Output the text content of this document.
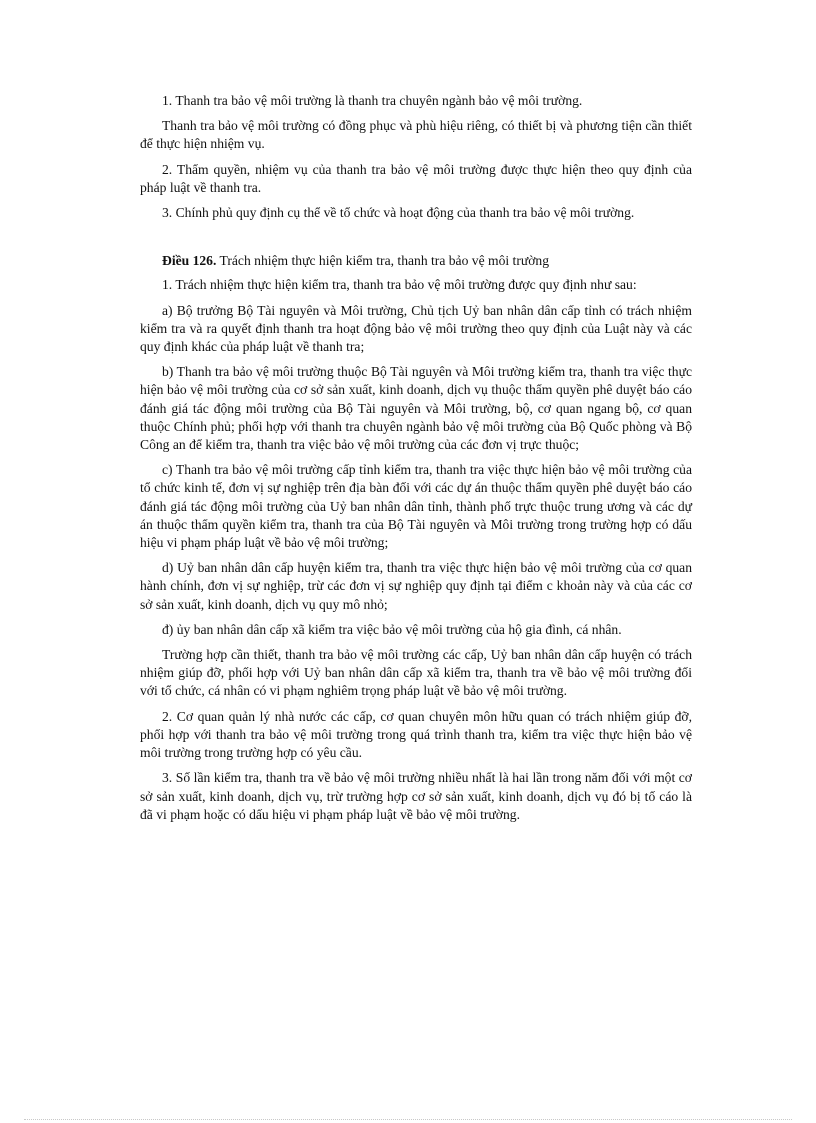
1. Thanh tra bảo vệ môi trường là thanh tra chuyên ngành bảo vệ môi trường.

Thanh tra bảo vệ môi trường có đồng phục và phù hiệu riêng, có thiết bị và phương tiện cần thiết để thực hiện nhiệm vụ.

2. Thẩm quyền, nhiệm vụ của thanh tra bảo vệ môi trường được thực hiện theo quy định của pháp luật về thanh tra.

3. Chính phủ quy định cụ thể về tổ chức và hoạt động của thanh tra bảo vệ môi trường.

Điều 126. Trách nhiệm thực hiện kiểm tra, thanh tra bảo vệ môi trường

1. Trách nhiệm thực hiện kiểm tra, thanh tra bảo vệ môi trường được quy định như sau:

a) Bộ trưởng Bộ Tài nguyên và Môi trường, Chủ tịch Uỷ ban nhân dân cấp tỉnh có trách nhiệm kiểm tra và ra quyết định thanh tra hoạt động bảo vệ môi trường theo quy định của Luật này và các quy định khác của pháp luật về thanh tra;

b) Thanh tra bảo vệ môi trường thuộc Bộ Tài nguyên và Môi trường kiểm tra, thanh tra việc thực hiện bảo vệ môi trường của cơ sở sản xuất, kinh doanh, dịch vụ thuộc thẩm quyền phê duyệt báo cáo đánh giá tác động môi trường của Bộ Tài nguyên và Môi trường, bộ, cơ quan ngang bộ, cơ quan thuộc Chính phủ; phối hợp với thanh tra chuyên ngành bảo vệ môi trường của Bộ Quốc phòng và Bộ Công an để kiểm tra, thanh tra việc bảo vệ môi trường của các đơn vị trực thuộc;

c) Thanh tra bảo vệ môi trường cấp tỉnh kiểm tra, thanh tra việc thực hiện bảo vệ môi trường của tổ chức kinh tế, đơn vị sự nghiệp trên địa bàn đối với các dự án thuộc thẩm quyền phê duyệt báo cáo đánh giá tác động môi trường của Uỷ ban nhân dân tỉnh, thành phố trực thuộc trung ương và các dự án thuộc thẩm quyền kiểm tra, thanh tra của Bộ Tài nguyên và Môi trường trong trường hợp có dấu hiệu vi phạm pháp luật về bảo vệ môi trường;

d) Uỷ ban nhân dân cấp huyện kiểm tra, thanh tra việc thực hiện bảo vệ môi trường của cơ quan hành chính, đơn vị sự nghiệp, trừ các đơn vị sự nghiệp quy định tại điểm c khoản này và của các cơ sở sản xuất, kinh doanh, dịch vụ quy mô nhỏ;

đ) ủy ban nhân dân cấp xã kiểm tra việc bảo vệ môi trường của hộ gia đình, cá nhân.

Trường hợp cần thiết, thanh tra bảo vệ môi trường các cấp, Uỷ ban nhân dân cấp huyện có trách nhiệm giúp đỡ, phối hợp với Uỷ ban nhân dân cấp xã kiểm tra, thanh tra về bảo vệ môi trường đối với tổ chức, cá nhân có vi phạm nghiêm trọng pháp luật về bảo vệ môi trường.

2. Cơ quan quản lý nhà nước các cấp, cơ quan chuyên môn hữu quan có trách nhiệm giúp đỡ, phối hợp với thanh tra bảo vệ môi trường trong quá trình thanh tra, kiểm tra việc thực hiện bảo vệ môi trường trong trường hợp có yêu cầu.

3. Số lần kiểm tra, thanh tra về bảo vệ môi trường nhiều nhất là hai lần trong năm đối với một cơ sở sản xuất, kinh doanh, dịch vụ, trừ trường hợp cơ sở sản xuất, kinh doanh, dịch vụ đó bị tố cáo là đã vi phạm hoặc có dấu hiệu vi phạm pháp luật về bảo vệ môi trường.
